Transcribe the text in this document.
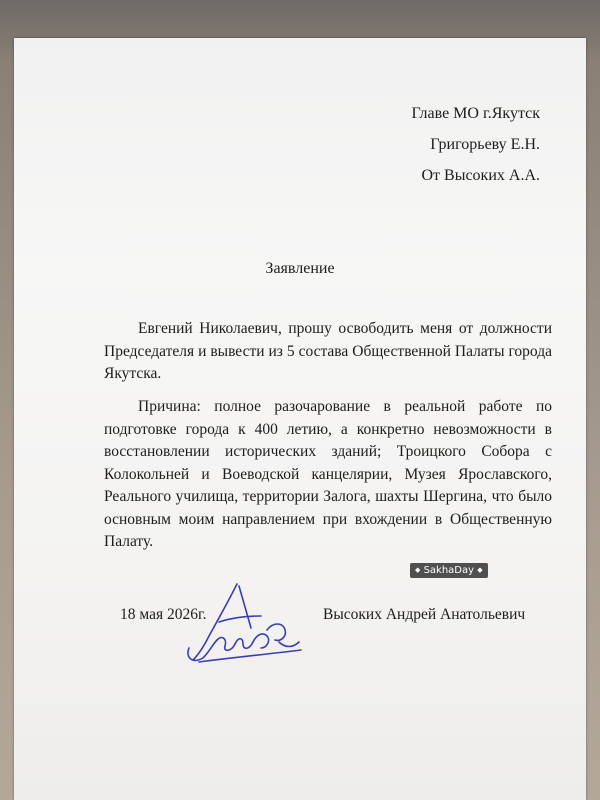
Главе МО г.Якутск
Григорьеву Е.Н.
От Высоких А.А.
Заявление

Евгений Николаевич, прошу освободить меня от должности Председателя и вывести из 5 состава Общественной Палаты города Якутска.

Причина: полное разочарование в реальной работе по подготовке города к 400 летию, а конкретно невозможности в восстановлении исторических зданий; Троицкого Собора с Колокольней и Воеводской канцелярии, Музея Ярославского, Реального училища, территории Залога, шахты Шергина, что было основным моим направлением при вхождении в Общественную Палату.

18 мая 2026г.	Высоких Андрей Анатольевич
◆ SakhaDay ◆
